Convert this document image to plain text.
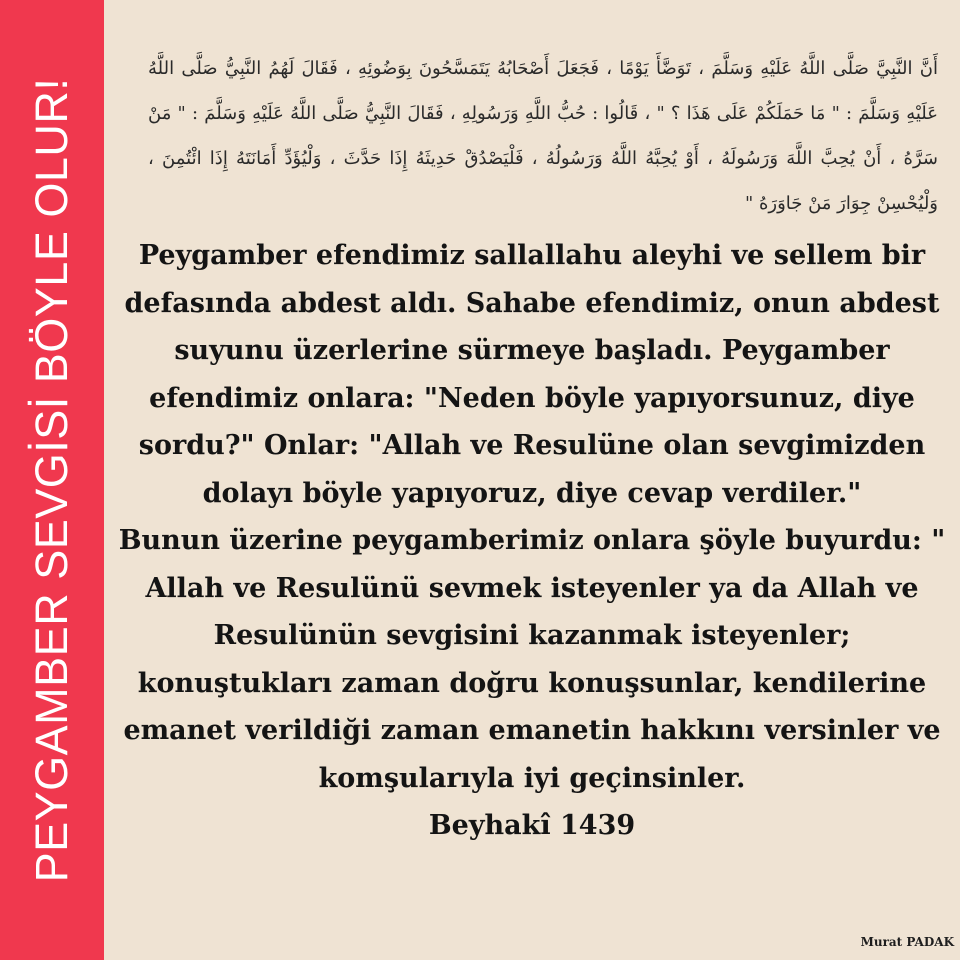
PEYGAMBER SEVGİSİ BÖYLE OLUR!
أَنَّ النَّبِيَّ صَلَّى اللَّهُ عَلَيْهِ وَسَلَّمَ ، تَوَضَّأَ يَوْمًا ، فَجَعَلَ أَصْحَابُهُ يَتَمَسَّحُونَ بِوَضُوئِهِ ، فَقَالَ لَهُمُ النَّبِيُّ صَلَّى اللَّهُ عَلَيْهِ وَسَلَّمَ : " مَا حَمَلَكُمْ عَلَى هَذَا ؟ " ، قَالُوا : حُبُّ اللَّهِ وَرَسُولِهِ ، فَقَالَ النَّبِيُّ صَلَّى اللَّهُ عَلَيْهِ وَسَلَّمَ : " مَنْ سَرَّهُ ، أَنْ يُحِبَّ اللَّهَ وَرَسُولَهُ ، أَوْ يُحِبَّهُ اللَّهُ وَرَسُولُهُ ، فَلْيَصْدُقْ حَدِيثَهُ إِذَا حَدَّثَ ، وَلْيُؤَدِّ أَمَانَتَهُ إِذَا ائْتُمِنَ ، وَلْيُحْسِنْ جِوَارَ مَنْ جَاوَرَهُ "

Peygamber efendimiz sallallahu aleyhi ve sellem bir defasında abdest aldı. Sahabe efendimiz, onun abdest suyunu üzerlerine sürmeye başladı. Peygamber efendimiz onlara: "Neden böyle yapıyorsunuz, diye sordu?" Onlar: "Allah ve Resulüne olan sevgimizden dolayı böyle yapıyoruz, diye cevap verdiler."

Bunun üzerine peygamberimiz onlara şöyle buyurdu: " Allah ve Resulünü sevmek isteyenler ya da Allah ve Resulünün sevgisini kazanmak isteyenler; konuştukları zaman doğru konuşsunlar, kendilerine emanet verildiği zaman emanetin hakkını versinler ve komşularıyla iyi geçinsinler.

Beyhakî 1439

Murat PADAK
